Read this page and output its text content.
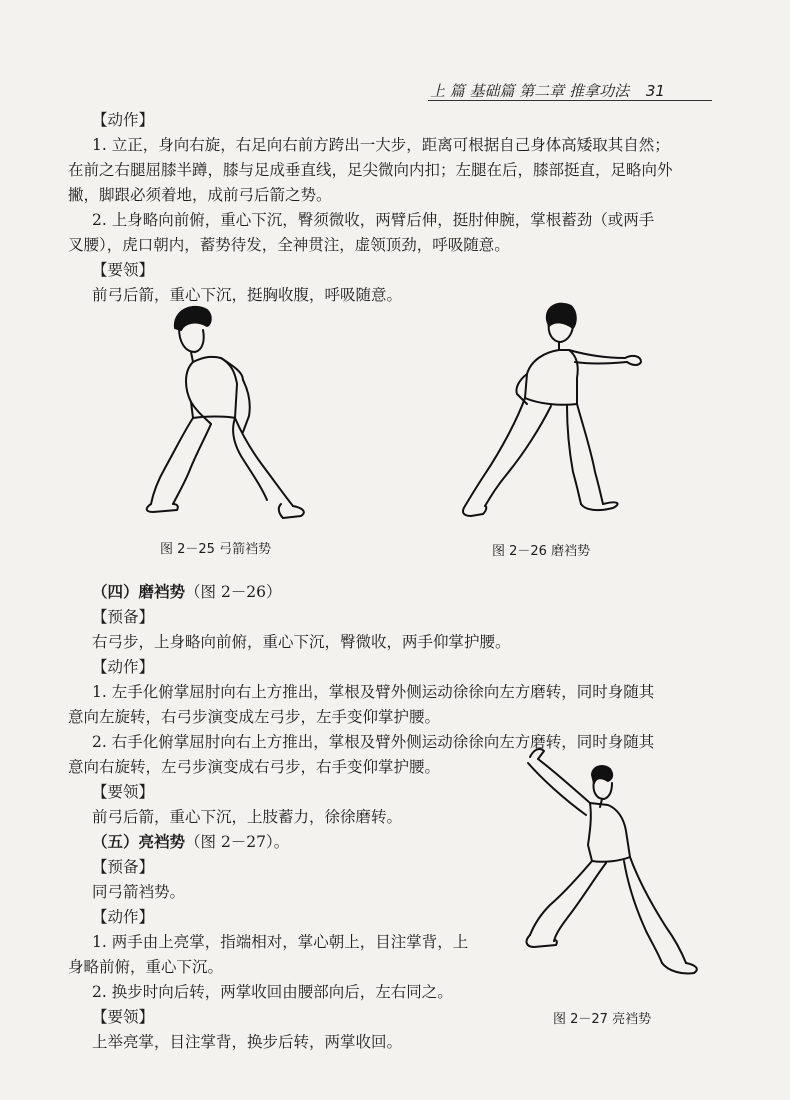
上 篇 基础篇 第二章 推拿功法 31
【动作】
1. 立正，身向右旋，右足向右前方跨出一大步，距离可根据自己身体高矮取其自然；
在前之右腿屈膝半蹲，膝与足成垂直线，足尖微向内扣；左腿在后，膝部挺直，足略向外
撇，脚跟必须着地，成前弓后箭之势。
2. 上身略向前俯，重心下沉，臀须微收，两臂后伸，挺肘伸腕，掌根蓄劲（或两手
叉腰），虎口朝内，蓄势待发，全神贯注，虚领顶劲，呼吸随意。
【要领】
前弓后箭，重心下沉，挺胸收腹，呼吸随意。
图 2－25 弓箭裆势	图 2－26 磨裆势
（四）磨裆势（图 2－26）
【预备】
右弓步，上身略向前俯，重心下沉，臀微收，两手仰掌护腰。
【动作】
1. 左手化俯掌屈肘向右上方推出，掌根及臂外侧运动徐徐向左方磨转，同时身随其
意向左旋转，右弓步演变成左弓步，左手变仰掌护腰。
2. 右手化俯掌屈肘向右上方推出，掌根及臂外侧运动徐徐向左方磨转，同时身随其
意向右旋转，左弓步演变成右弓步，右手变仰掌护腰。
【要领】
前弓后箭，重心下沉，上肢蓄力，徐徐磨转。
（五）亮裆势（图 2－27）。
【预备】
同弓箭裆势。
【动作】
1. 两手由上亮掌，指端相对，掌心朝上，目注掌背，上
身略前俯，重心下沉。
2. 换步时向后转，两掌收回由腰部向后，左右同之。
【要领】
上举亮掌，目注掌背，换步后转，两掌收回。
图 2－27 亮裆势
